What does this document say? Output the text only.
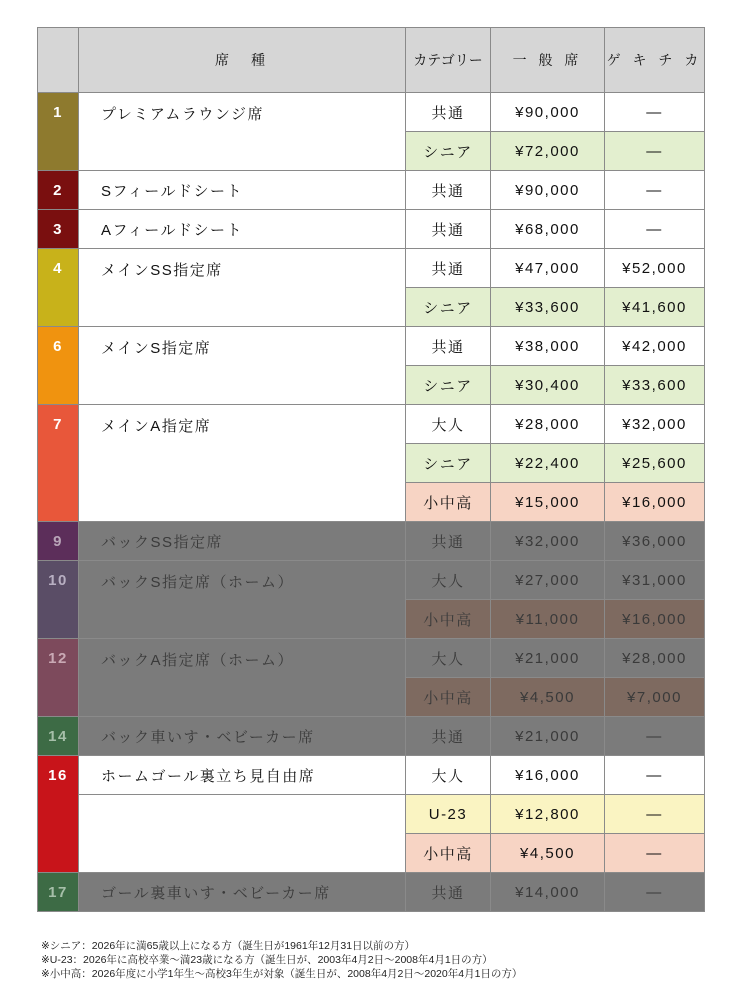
	席　種	カテゴリー	一 般 席	ゲ キ チ カ
1	プレミアムラウンジ席	共通	¥90,000	—
		シニア	¥72,000	—
2	Sフィールドシート	共通	¥90,000	—
3	Aフィールドシート	共通	¥68,000	—
4	メインSS指定席	共通	¥47,000	¥52,000
		シニア	¥33,600	¥41,600
6	メインS指定席	共通	¥38,000	¥42,000
		シニア	¥30,400	¥33,600
7	メインA指定席	大人	¥28,000	¥32,000
		シニア	¥22,400	¥25,600
		小中高	¥15,000	¥16,000
9	バックSS指定席	共通	¥32,000	¥36,000
10	バックS指定席（ホーム）	大人	¥27,000	¥31,000
		小中高	¥11,000	¥16,000
12	バックA指定席（ホーム）	大人	¥21,000	¥28,000
		小中高	¥4,500	¥7,000
14	バック車いす・ベビーカー席	共通	¥21,000	—
16	ホームゴール裏立ち見自由席	大人	¥16,000	—
		U-23	¥12,800	—
		小中高	¥4,500	—
17	ゴール裏車いす・ベビーカー席	共通	¥14,000	—
※シニア：2026年に満65歳以上になる方（誕生日が1961年12月31日以前の方）
※U-23：2026年に高校卒業～満23歳になる方（誕生日が、2003年4月2日～2008年4月1日の方）
※小中高：2026年度に小学1年生～高校3年生が対象（誕生日が、2008年4月2日～2020年4月1日の方）
